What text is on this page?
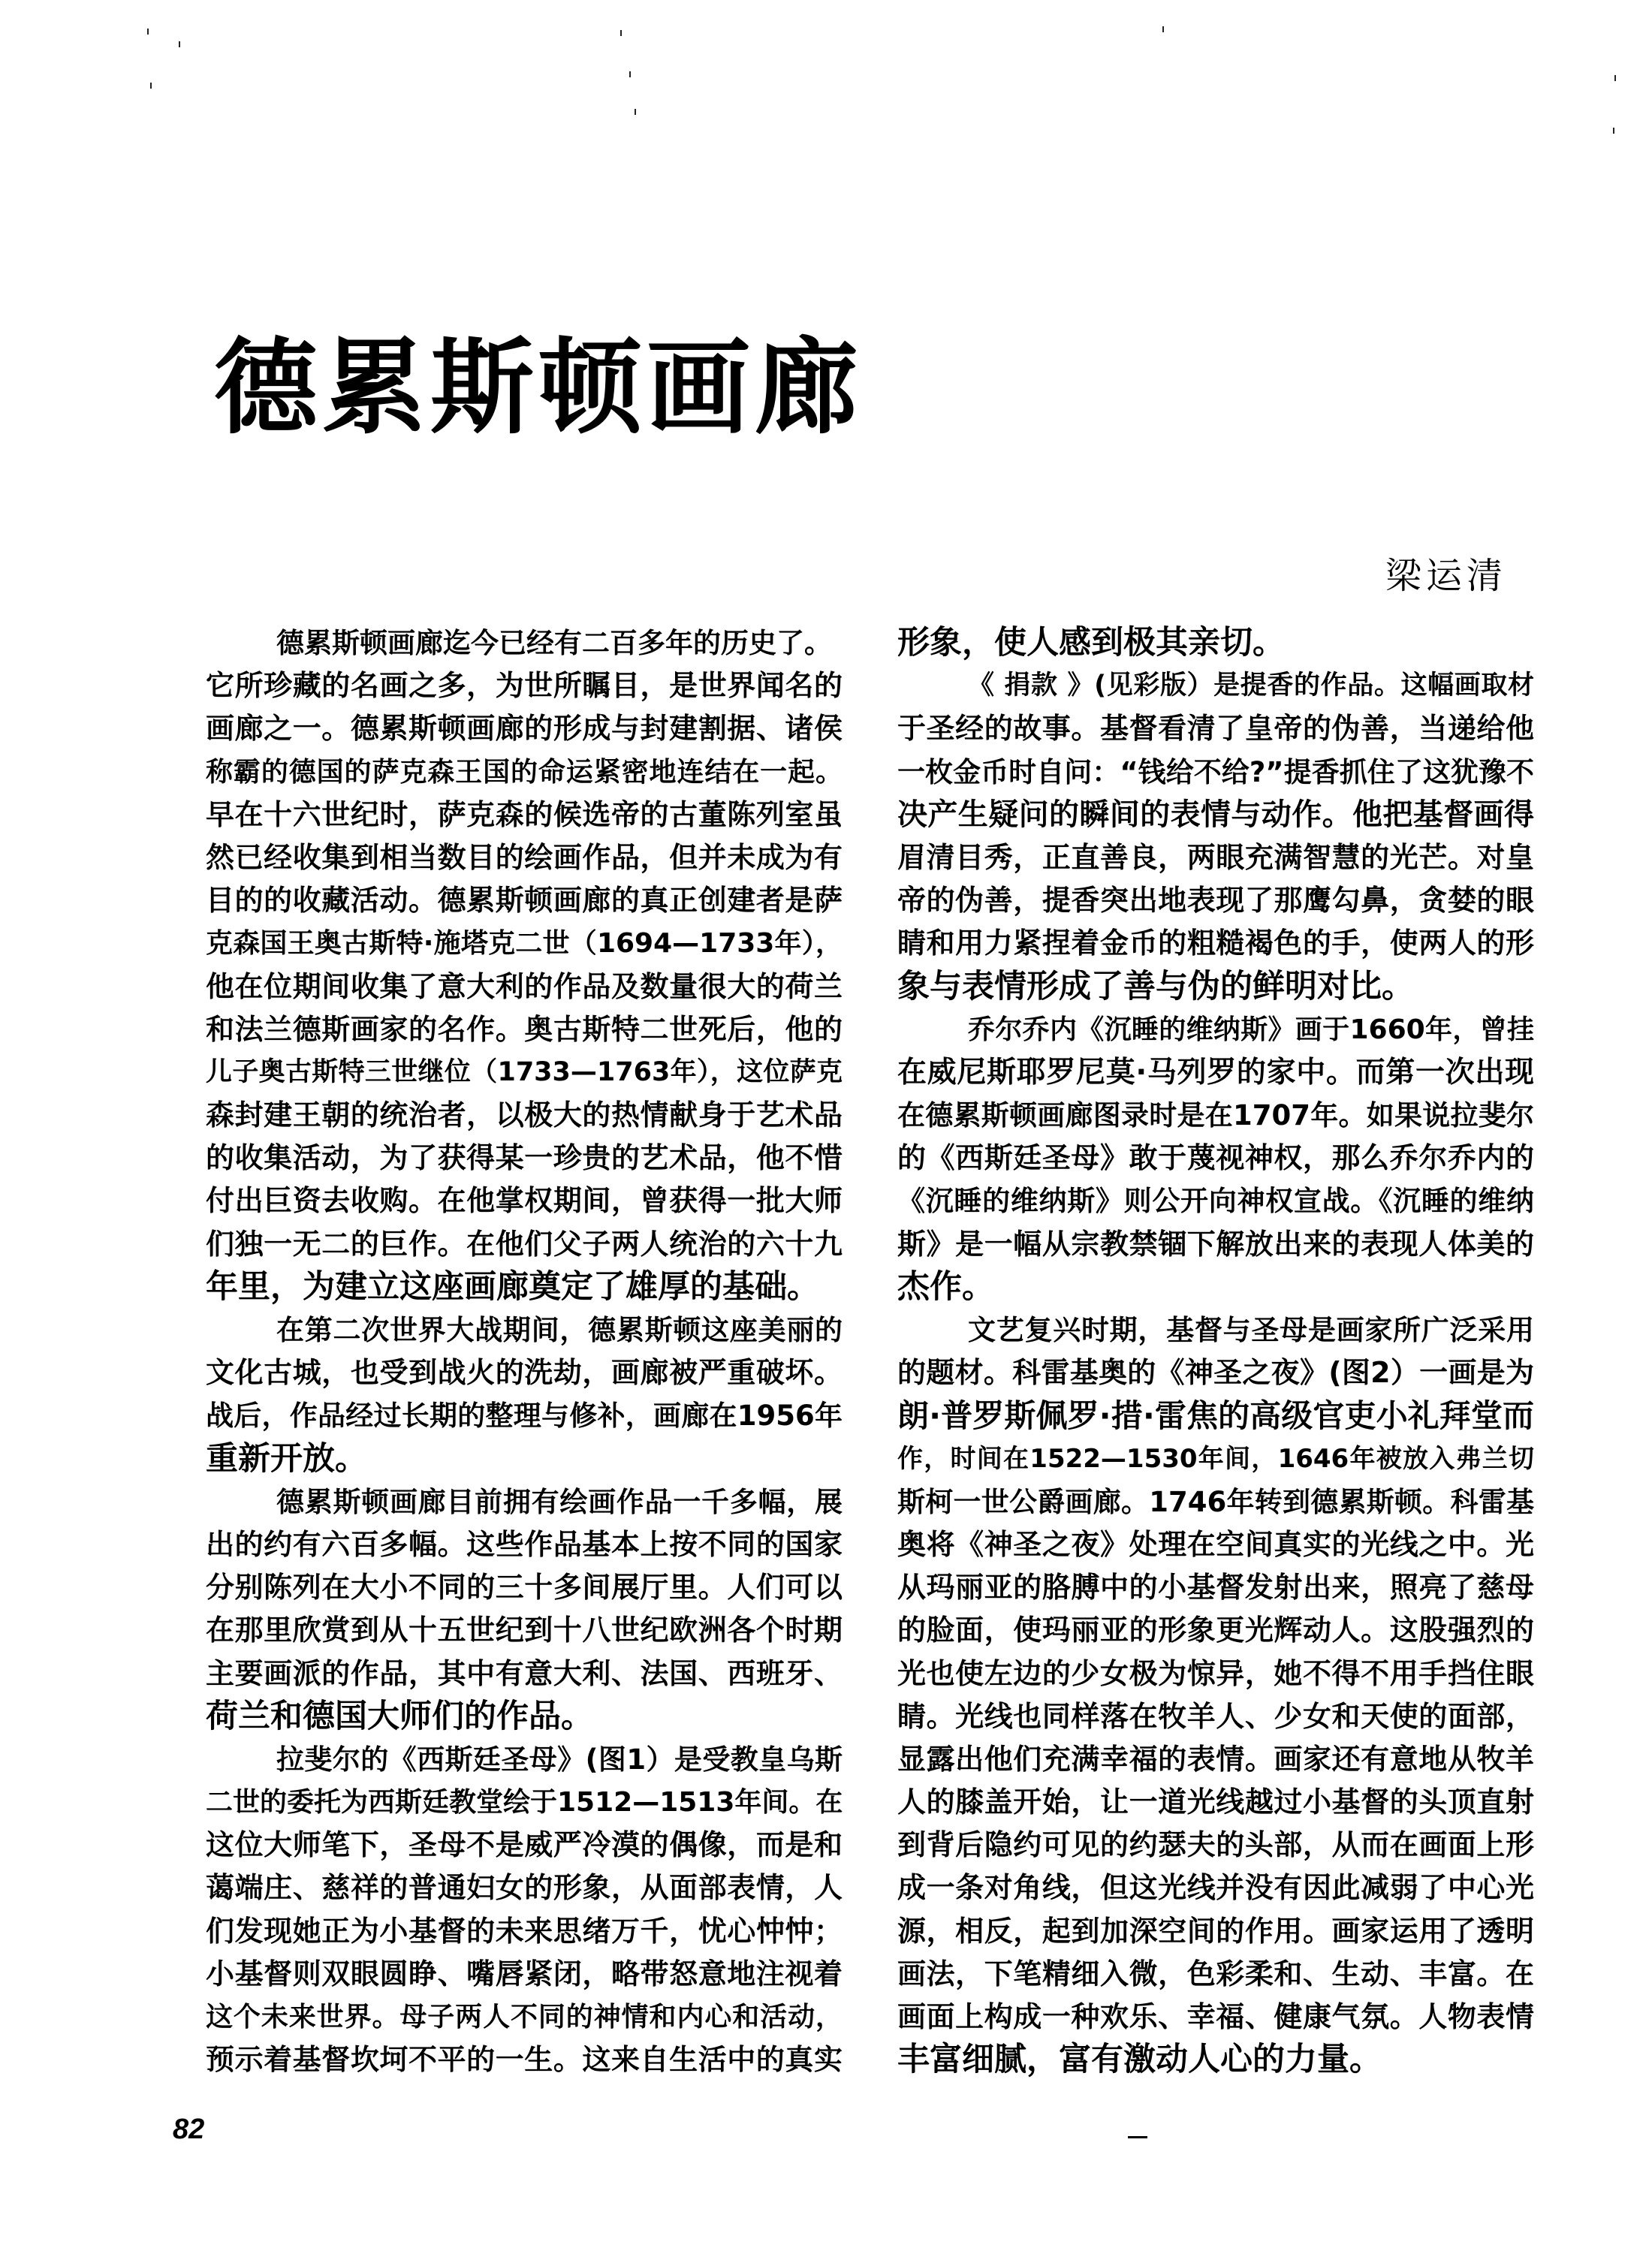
德累斯顿画廊
梁运清
德累斯顿画廊迄今已经有二百多年的历史了。
它所珍藏的名画之多，为世所瞩目，是世界闻名的
画廊之一。德累斯顿画廊的形成与封建割据、诸侯
称霸的德国的萨克森王国的命运紧密地连结在一起。
早在十六世纪时，萨克森的候选帝的古董陈列室虽
然已经收集到相当数目的绘画作品，但并未成为有
目的的收藏活动。德累斯顿画廊的真正创建者是萨
克森国王奥古斯特·施塔克二世（1694—1733年），
他在位期间收集了意大利的作品及数量很大的荷兰
和法兰德斯画家的名作。奥古斯特二世死后，他的
儿子奥古斯特三世继位（1733—1763年），这位萨克
森封建王朝的统治者，以极大的热情献身于艺术品
的收集活动，为了获得某一珍贵的艺术品，他不惜
付出巨资去收购。在他掌权期间，曾获得一批大师
们独一无二的巨作。在他们父子两人统治的六十九
年里，为建立这座画廊奠定了雄厚的基础。
在第二次世界大战期间，德累斯顿这座美丽的
文化古城，也受到战火的洗劫，画廊被严重破坏。
战后，作品经过长期的整理与修补，画廊在1956年
重新开放。
德累斯顿画廊目前拥有绘画作品一千多幅，展
出的约有六百多幅。这些作品基本上按不同的国家
分别陈列在大小不同的三十多间展厅里。人们可以
在那里欣赏到从十五世纪到十八世纪欧洲各个时期
主要画派的作品，其中有意大利、法国、西班牙、
荷兰和德国大师们的作品。
拉斐尔的《西斯廷圣母》(图1）是受教皇乌斯
二世的委托为西斯廷教堂绘于1512—1513年间。在
这位大师笔下，圣母不是威严冷漠的偶像，而是和
蔼端庄、慈祥的普通妇女的形象，从面部表情，人
们发现她正为小基督的未来思绪万千，忧心忡忡；
小基督则双眼圆睁、嘴唇紧闭，略带怒意地注视着
这个未来世界。母子两人不同的神情和内心和活动，
预示着基督坎坷不平的一生。这来自生活中的真实
形象，使人感到极其亲切。
《 捐款 》(见彩版）是提香的作品。这幅画取材
于圣经的故事。基督看清了皇帝的伪善，当递给他
一枚金币时自问：“钱给不给?”提香抓住了这犹豫不
决产生疑问的瞬间的表情与动作。他把基督画得
眉清目秀，正直善良，两眼充满智慧的光芒。对皇
帝的伪善，提香突出地表现了那鹰勾鼻，贪婪的眼
睛和用力紧捏着金币的粗糙褐色的手，使两人的形
象与表情形成了善与伪的鲜明对比。
乔尔乔内《沉睡的维纳斯》画于1660年，曾挂
在威尼斯耶罗尼莫·马列罗的家中。而第一次出现
在德累斯顿画廊图录时是在1707年。如果说拉斐尔
的《西斯廷圣母》敢于蔑视神权，那么乔尔乔内的
《沉睡的维纳斯》则公开向神权宣战。《沉睡的维纳
斯》是一幅从宗教禁锢下解放出来的表现人体美的
杰作。
文艺复兴时期，基督与圣母是画家所广泛采用
的题材。科雷基奥的《神圣之夜》(图2）一画是为
朗·普罗斯佩罗·措·雷焦的高级官吏小礼拜堂而
作，时间在1522—1530年间，1646年被放入弗兰切
斯柯一世公爵画廊。1746年转到德累斯顿。科雷基
奥将《神圣之夜》处理在空间真实的光线之中。光
从玛丽亚的胳膊中的小基督发射出来，照亮了慈母
的脸面，使玛丽亚的形象更光辉动人。这股强烈的
光也使左边的少女极为惊异，她不得不用手挡住眼
睛。光线也同样落在牧羊人、少女和天使的面部，
显露出他们充满幸福的表情。画家还有意地从牧羊
人的膝盖开始，让一道光线越过小基督的头顶直射
到背后隐约可见的约瑟夫的头部，从而在画面上形
成一条对角线，但这光线并没有因此减弱了中心光
源，相反，起到加深空间的作用。画家运用了透明
画法，下笔精细入微，色彩柔和、生动、丰富。在
画面上构成一种欢乐、幸福、健康气氛。人物表情
丰富细腻，富有激动人心的力量。
82
